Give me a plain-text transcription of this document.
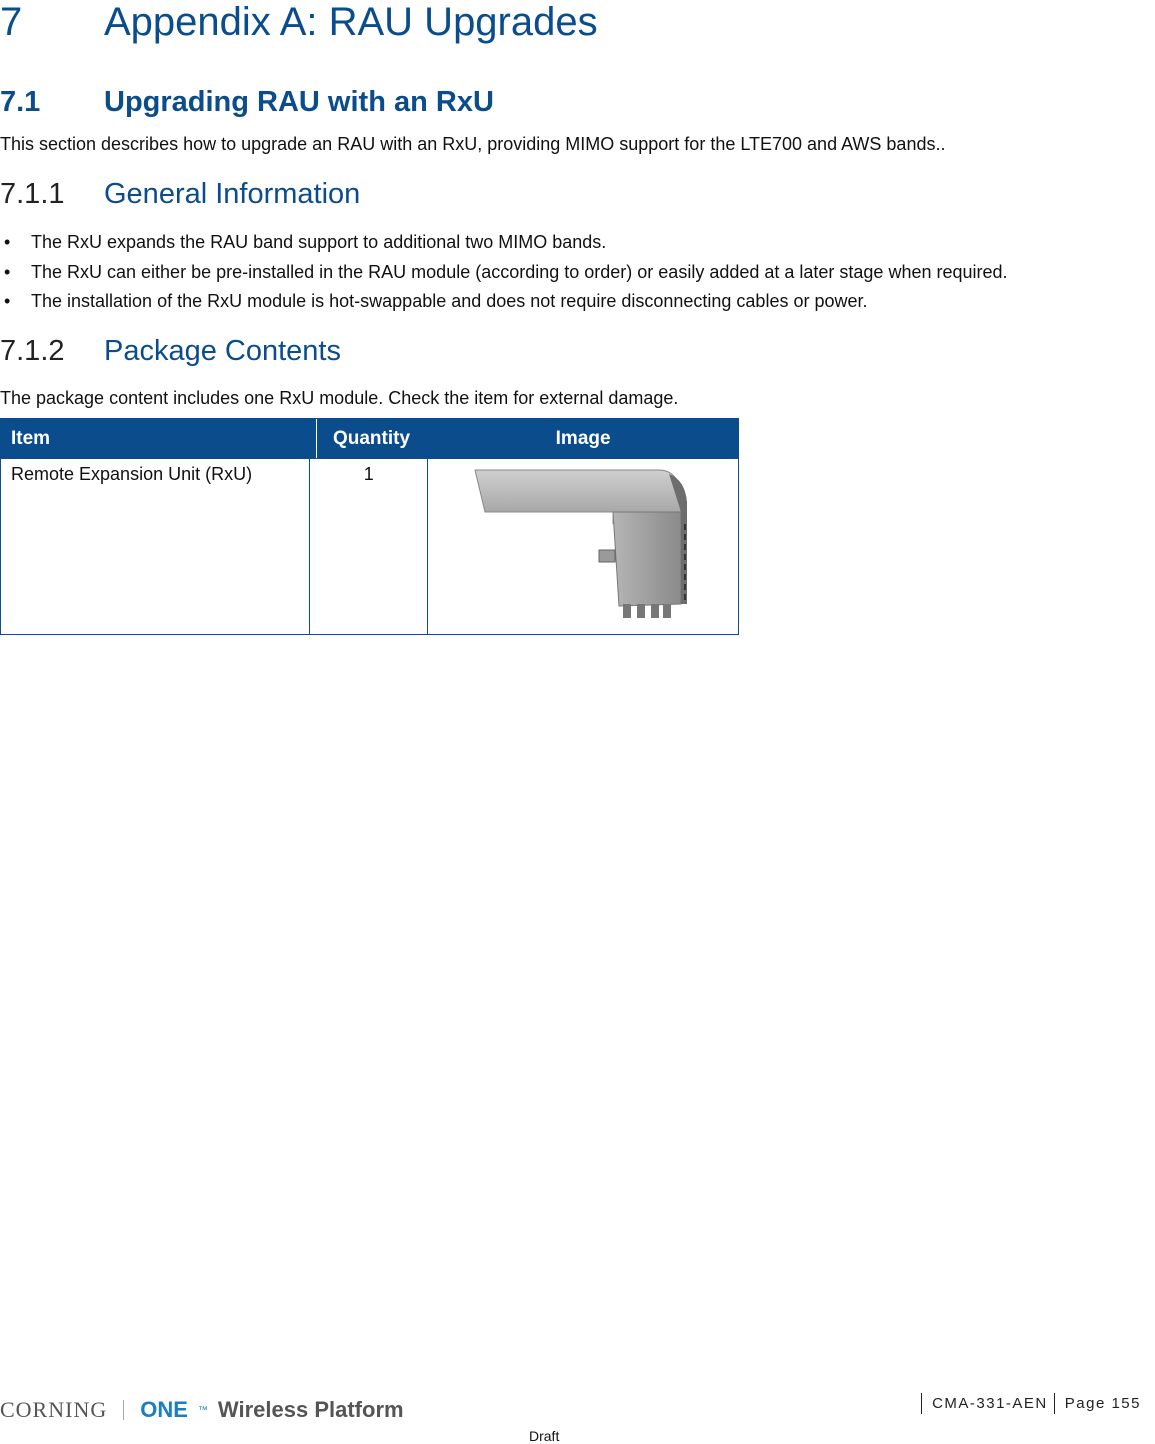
7 Appendix A: RAU Upgrades
7.1 Upgrading RAU with an RxU
This section describes how to upgrade an RAU with an RxU, providing MIMO support for the LTE700 and AWS bands..
7.1.1 General Information
• The RxU expands the RAU band support to additional two MIMO bands.
• The RxU can either be pre-installed in the RAU module (according to order) or easily added at a later stage when required.
• The installation of the RxU module is hot-swappable and does not require disconnecting cables or power.
7.1.2 Package Contents
The package content includes one RxU module. Check the item for external damage.
Item	Quantity	Image
Remote Expansion Unit (RxU)	1	
CORNING ONE ™ Wireless Platform	CMA-331-AEN	Page 155
Draft
